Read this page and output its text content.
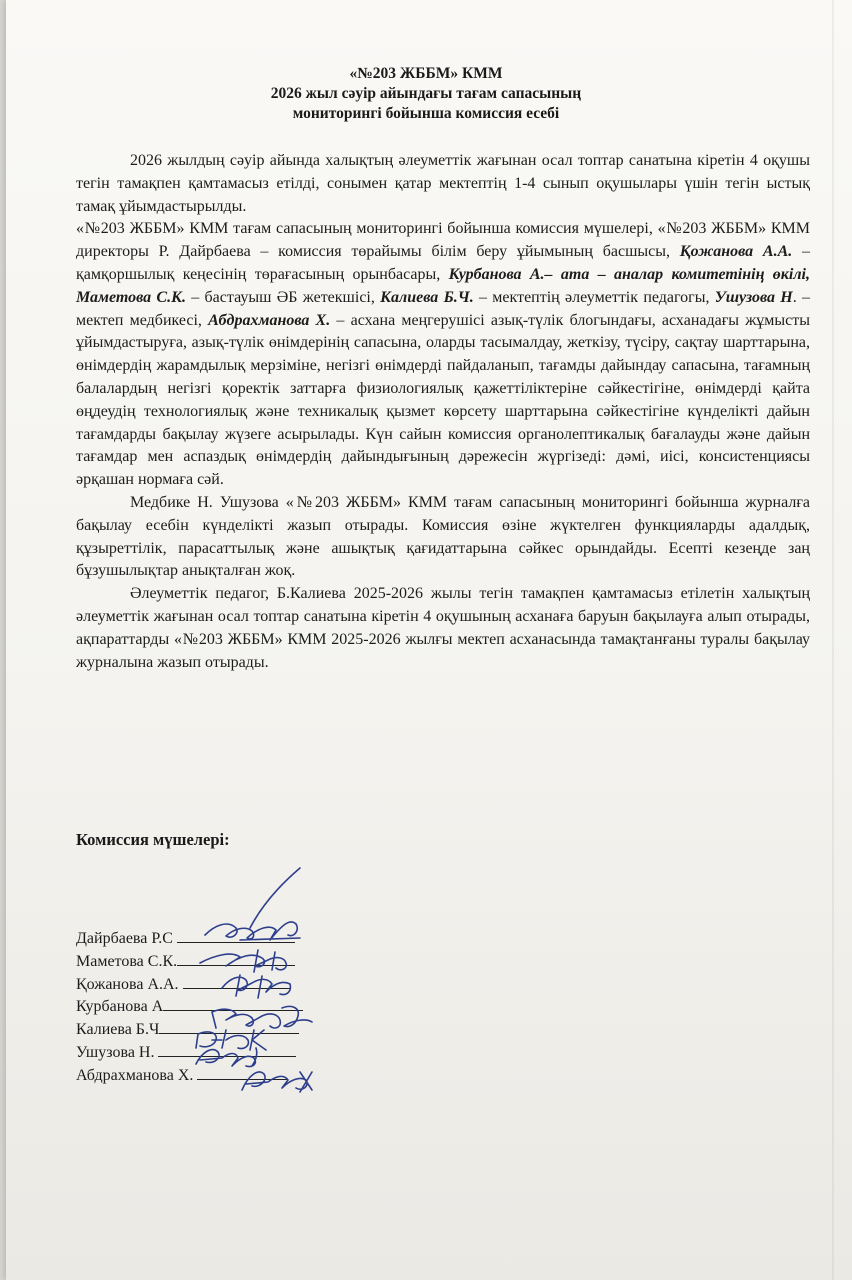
«№203 ЖББМ» КММ
2026 жыл сәуір айындағы тағам сапасының
мониторингі бойынша комиссия есебі

2026 жылдың сәуір айында халықтың әлеуметтік жағынан осал топтар санатына кіретін 4 оқушы тегін тамақпен қамтамасыз етілді, сонымен қатар мектептің 1-4 сынып оқушылары үшін тегін ыстық тамақ ұйымдастырылды.

«№203 ЖББМ» КММ тағам сапасының мониторингі бойынша комиссия мүшелері, «№203 ЖББМ» КММ директоры Р. Дайрбаева – комиссия төрайымы білім беру ұйымының басшысы, Қожанова А.А. – қамқоршылық кеңесінің төрағасының орынбасары, Курбанова А.– ата – аналар комитетінің өкілі, Маметова С.К. – бастауыш ӘБ жетекшісі, Калиева Б.Ч. – мектептің әлеуметтік педагогы, Ушузова Н. – мектеп медбикесі, Абдрахманова Х. – асхана меңгерушісі азық-түлік блогындағы, асханадағы жұмысты ұйымдастыруға, азық-түлік өнімдерінің сапасына, оларды тасымалдау, жеткізу, түсіру, сақтау шарттарына, өнімдердің жарамдылық мерзіміне, негізгі өнімдерді пайдаланып, тағамды дайындау сапасына, тағамның балалардың негізгі қоректік заттарға физиологиялық қажеттіліктеріне сәйкестігіне, өнімдерді қайта өңдеудің технологиялық және техникалық қызмет көрсету шарттарына сәйкестігіне күнделікті дайын тағамдарды бақылау жүзеге асырылады. Күн сайын комиссия органолептикалық бағалауды және дайын тағамдар мен аспаздық өнімдердің дайындығының дәрежесін жүргізеді: дәмі, иісі, консистенциясы әрқашан нормаға сәй.

Медбике Н. Ушузова «№203 ЖББМ» КММ тағам сапасының мониторингі бойынша журналға бақылау есебін күнделікті жазып отырады. Комиссия өзіне жүктелген функцияларды адалдық, құзыреттілік, парасаттылық және ашықтық қағидаттарына сәйкес орындайды. Есепті кезеңде заң бұзушылықтар анықталған жоқ.

Әлеуметтік педагог, Б.Калиева 2025-2026 жылы тегін тамақпен қамтамасыз етілетін халықтың әлеуметтік жағынан осал топтар санатына кіретін 4 оқушының асханаға баруын бақылауға алып отырады, ақпараттарды «№203 ЖББМ» КММ 2025-2026 жылғы мектеп асханасында тамақтанғаны туралы бақылау журналына жазып отырады.

Комиссия мүшелері:
Дайрбаева Р.С
Маметова С.К.
Қожанова А.А.
Курбанова А
Калиева Б.Ч
Ушузова Н.
Абдрахманова Х.
